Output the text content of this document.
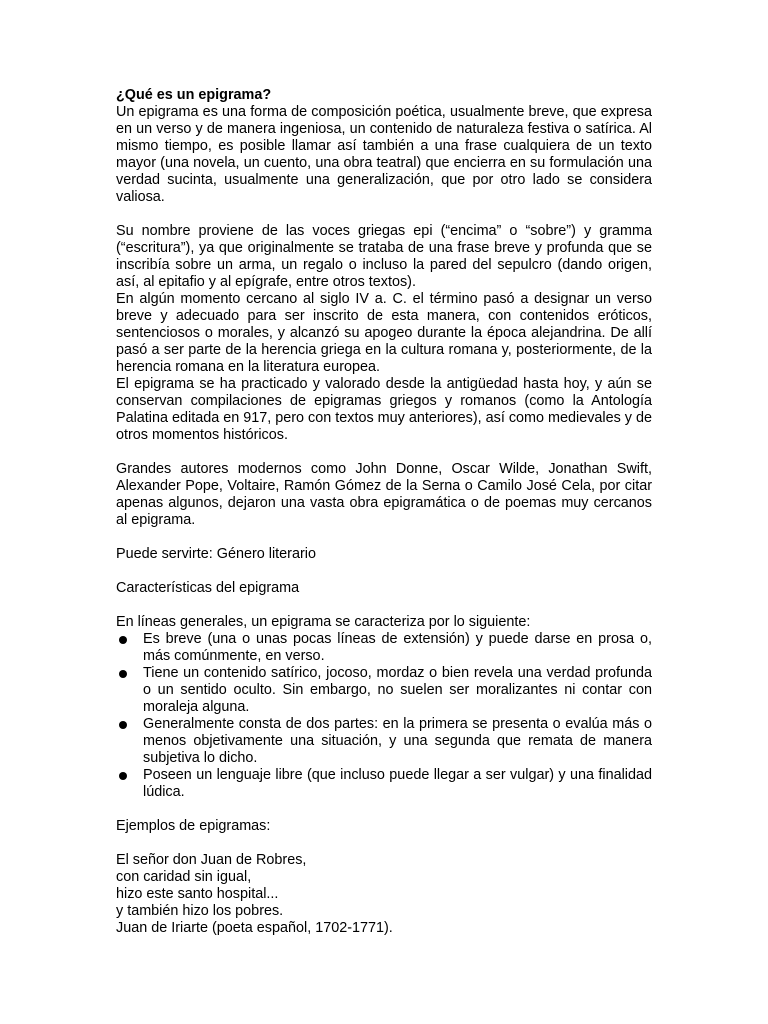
¿Qué es un epigrama?

Un epigrama es una forma de composición poética, usualmente breve, que expresa en un verso y de manera ingeniosa, un contenido de naturaleza festiva o satírica. Al mismo tiempo, es posible llamar así también a una frase cualquiera de un texto mayor (una novela, un cuento, una obra teatral) que encierra en su formulación una verdad sucinta, usualmente una generalización, que por otro lado se considera valiosa.

Su nombre proviene de las voces griegas epi (“encima” o “sobre”) y gramma (“escritura”), ya que originalmente se trataba de una frase breve y profunda que se inscribía sobre un arma, un regalo o incluso la pared del sepulcro (dando origen, así, al epitafio y al epígrafe, entre otros textos).

En algún momento cercano al siglo IV a. C. el término pasó a designar un verso breve y adecuado para ser inscrito de esta manera, con contenidos eróticos, sentenciosos o morales, y alcanzó su apogeo durante la época alejandrina. De allí pasó a ser parte de la herencia griega en la cultura romana y, posteriormente, de la herencia romana en la literatura europea.

El epigrama se ha practicado y valorado desde la antigüedad hasta hoy, y aún se conservan compilaciones de epigramas griegos y romanos (como la Antología Palatina editada en 917, pero con textos muy anteriores), así como medievales y de otros momentos históricos.

Grandes autores modernos como John Donne, Oscar Wilde, Jonathan Swift, Alexander Pope, Voltaire, Ramón Gómez de la Serna o Camilo José Cela, por citar apenas algunos, dejaron una vasta obra epigramática o de poemas muy cercanos al epigrama.

Puede servirte: Género literario

Características del epigrama

En líneas generales, un epigrama se caracteriza por lo siguiente:

Es breve (una o unas pocas líneas de extensión) y puede darse en prosa o, más comúnmente, en verso.
Tiene un contenido satírico, jocoso, mordaz o bien revela una verdad profunda o un sentido oculto. Sin embargo, no suelen ser moralizantes ni contar con moraleja alguna.
Generalmente consta de dos partes: en la primera se presenta o evalúa más o menos objetivamente una situación, y una segunda que remata de manera subjetiva lo dicho.
Poseen un lenguaje libre (que incluso puede llegar a ser vulgar) y una finalidad lúdica.

Ejemplos de epigramas:

El señor don Juan de Robres,

con caridad sin igual,

hizo este santo hospital...

y también hizo los pobres.

Juan de Iriarte (poeta español, 1702-1771).
